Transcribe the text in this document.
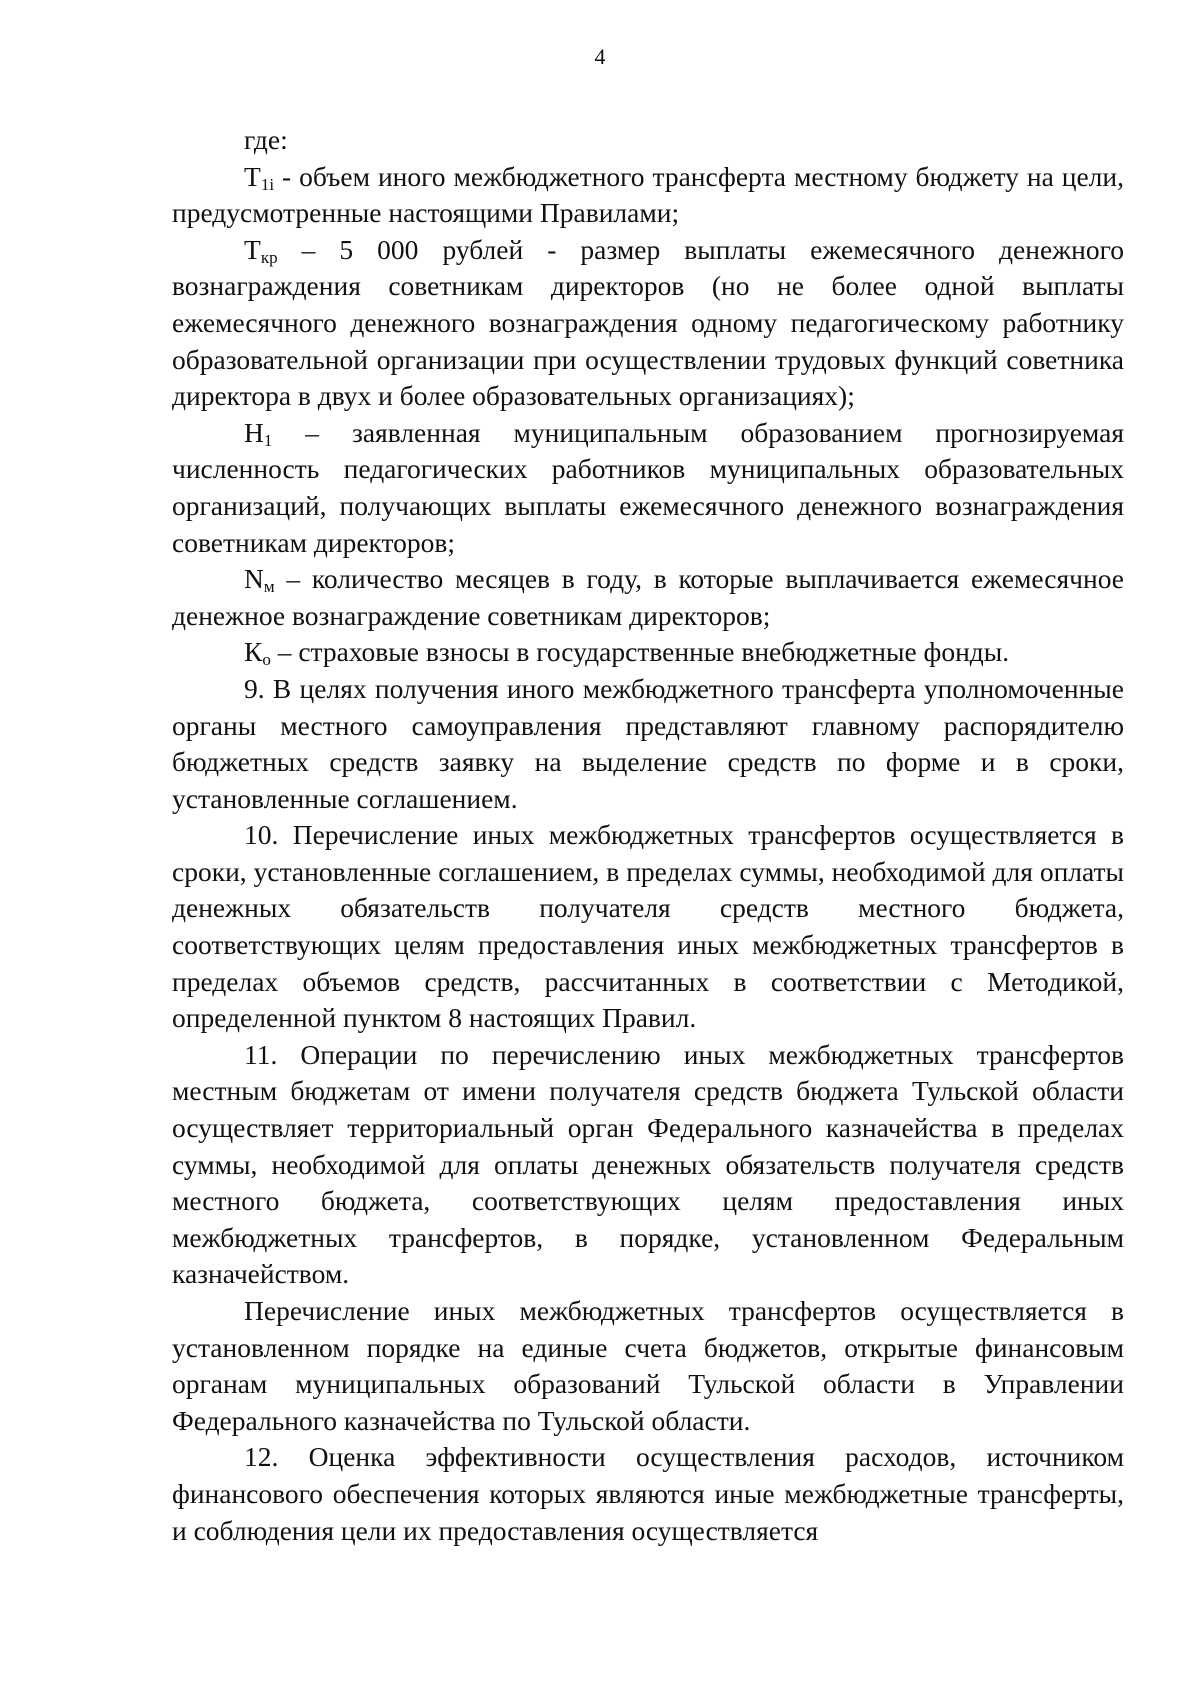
4

где:

$T_{1i}$ - объем иного межбюджетного трансферта местному бюджету на цели, предусмотренные настоящими Правилами;

$T_{кр} - 5$ 000 рублей - размер выплаты ежемесячного денежного вознаграждения советникам директоров (но не более одной выплаты ежемесячного денежного вознаграждения одному педагогическому работнику образовательной организации при осуществлении трудовых функций советника директора в двух и более образовательных организациях);

$Н_1$ – заявленная муниципальным образованием прогнозируемая численность педагогических работников муниципальных образовательных организаций, получающих выплаты ежемесячного денежного вознаграждения советникам директоров;

$N_м$ – количество месяцев в году, в которые выплачивается ежемесячное денежное вознаграждение советникам директоров;

$К_о$ – страховые взносы в государственные внебюджетные фонды.

9. В целях получения иного межбюджетного трансферта уполномоченные органы местного самоуправления представляют главному распорядителю бюджетных средств заявку на выделение средств по форме и в сроки, установленные соглашением.

10. Перечисление иных межбюджетных трансфертов осуществляется в сроки, установленные соглашением, в пределах суммы, необходимой для оплаты денежных обязательств получателя средств местного бюджета, соответствующих целям предоставления иных межбюджетных трансфертов в пределах объемов средств, рассчитанных в соответствии с Методикой, определенной пунктом 8 настоящих Правил.

11. Операции по перечислению иных межбюджетных трансфертов местным бюджетам от имени получателя средств бюджета Тульской области осуществляет территориальный орган Федерального казначейства в пределах суммы, необходимой для оплаты денежных обязательств получателя средств местного бюджета, соответствующих целям предоставления иных межбюджетных трансфертов, в порядке, установленном Федеральным казначейством.

Перечисление иных межбюджетных трансфертов осуществляется в установленном порядке на единые счета бюджетов, открытые финансовым органам муниципальных образований Тульской области в Управлении Федерального казначейства по Тульской области.

12. Оценка эффективности осуществления расходов, источником финансового обеспечения которых являются иные межбюджетные трансферты, и соблюдения цели их предоставления осуществляется
